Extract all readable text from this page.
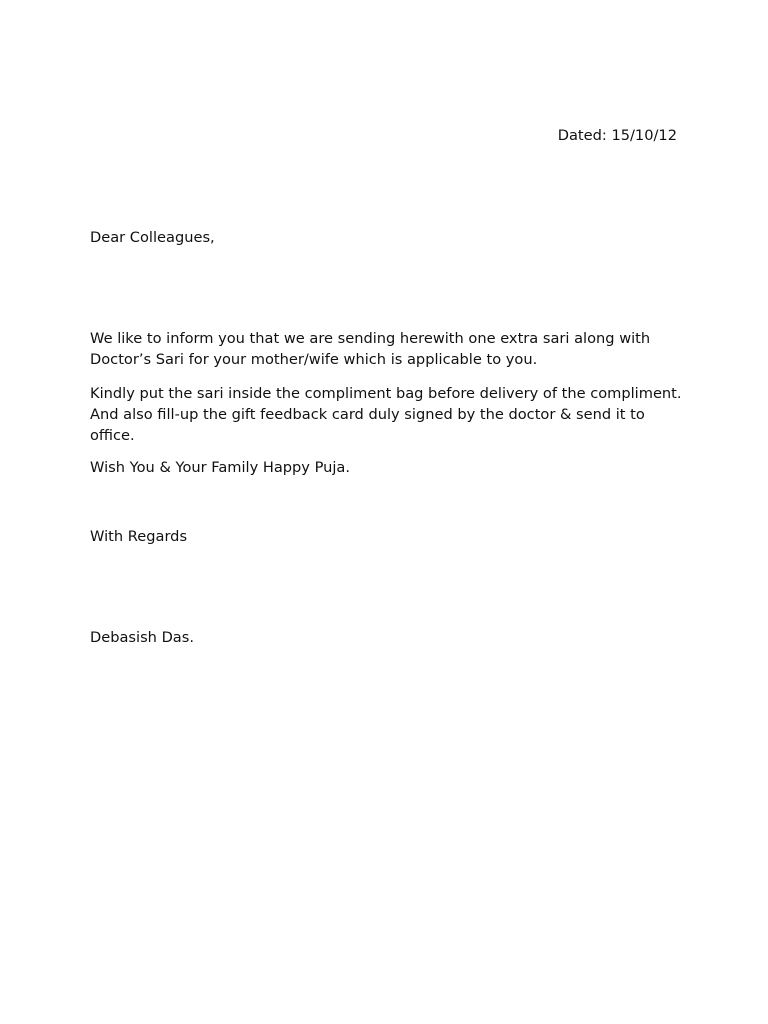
Dated: 15/10/12
Dear Colleagues,
We like to inform you that we are sending herewith one extra sari along with Doctor’s Sari for your mother/wife which is applicable to you.
Kindly put the sari inside the compliment bag before delivery of the compliment.  And also fill-up the gift feedback card duly signed by the doctor & send it to office.
Wish You & Your Family Happy Puja.
With Regards
Debasish Das.
